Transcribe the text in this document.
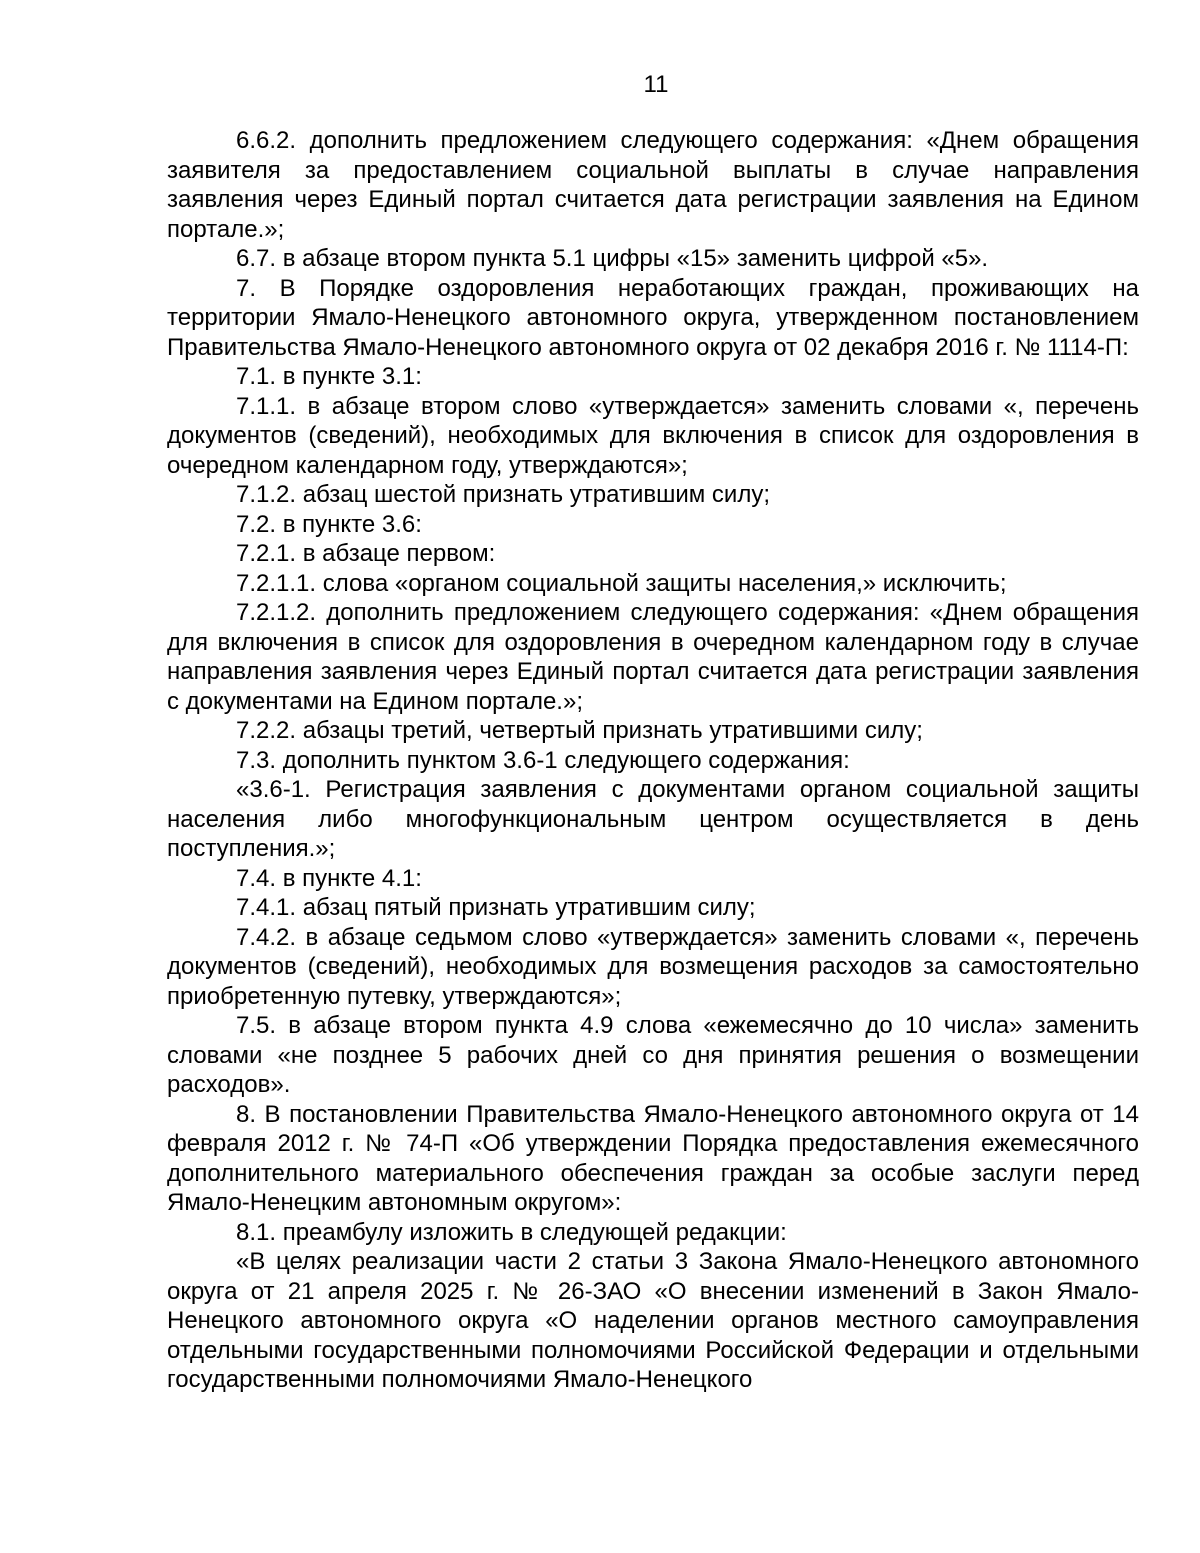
11

6.6.2. дополнить предложением следующего содержания: «Днем обращения заявителя за предоставлением социальной выплаты в случае направления заявления через Единый портал считается дата регистрации заявления на Едином портале.»;

6.7. в абзаце втором пункта 5.1 цифры «15» заменить цифрой «5».

7. В Порядке оздоровления неработающих граждан, проживающих на территории Ямало-Ненецкого автономного округа, утвержденном постановлением Правительства Ямало-Ненецкого автономного округа от 02 декабря 2016 г. № 1114-П:

7.1. в пункте 3.1:

7.1.1. в абзаце втором слово «утверждается» заменить словами «, перечень документов (сведений), необходимых для включения в список для оздоровления в очередном календарном году, утверждаются»;

7.1.2. абзац шестой признать утратившим силу;

7.2. в пункте 3.6:

7.2.1. в абзаце первом:

7.2.1.1. слова «органом социальной защиты населения,» исключить;

7.2.1.2. дополнить предложением следующего содержания: «Днем обращения для включения в список для оздоровления в очередном календарном году в случае направления заявления через Единый портал считается дата регистрации заявления с документами на Едином портале.»;

7.2.2. абзацы третий, четвертый признать утратившими силу;

7.3. дополнить пунктом 3.6-1 следующего содержания:

«3.6-1. Регистрация заявления с документами органом социальной защиты населения либо многофункциональным центром осуществляется в день поступления.»;

7.4. в пункте 4.1:

7.4.1. абзац пятый признать утратившим силу;

7.4.2. в абзаце седьмом слово «утверждается» заменить словами «, перечень документов (сведений), необходимых для возмещения расходов за самостоятельно приобретенную путевку, утверждаются»;

7.5. в абзаце втором пункта 4.9 слова «ежемесячно до 10 числа» заменить словами «не позднее 5 рабочих дней со дня принятия решения о возмещении расходов».

8. В постановлении Правительства Ямало-Ненецкого автономного округа от 14 февраля 2012 г. № 74-П «Об утверждении Порядка предоставления ежемесячного дополнительного материального обеспечения граждан за особые заслуги перед Ямало-Ненецким автономным округом»:

8.1. преамбулу изложить в следующей редакции:

«В целях реализации части 2 статьи 3 Закона Ямало-Ненецкого автономного округа от 21 апреля 2025 г. № 26-ЗАО «О внесении изменений в Закон Ямало-Ненецкого автономного округа «О наделении органов местного самоуправления отдельными государственными полномочиями Российской Федерации и отдельными государственными полномочиями Ямало-Ненецкого
